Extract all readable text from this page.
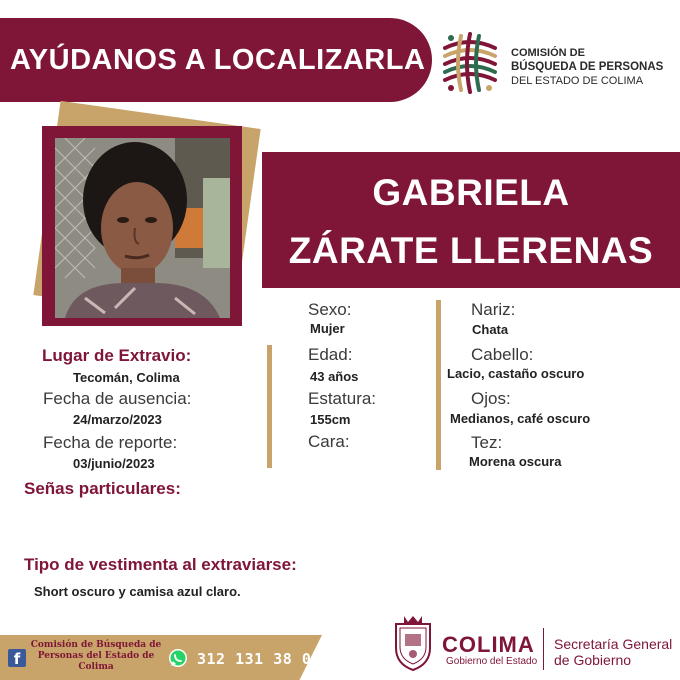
AYÚDANOS A LOCALIZARLA	COMISIÓN DE
BÚSQUEDA DE PERSONAS
DEL ESTADO DE COLIMA
GABRIELA
ZÁRATE LLERENAS
Lugar de Extravio:
Tecomán, Colima
Fecha de ausencia:
24/marzo/2023
Fecha de reporte:
03/junio/2023
Sexo:
Mujer
Edad:
43 años
Estatura:
155cm
Cara:
Nariz:
Chata
Cabello:
Lacio, castaño oscuro
Ojos:
Medianos, café oscuro
Tez:
Morena oscura
Señas particulares:
Tipo de vestimenta al extraviarse:
Short oscuro y camisa azul claro.
f
Comisión de Búsqueda de
Personas del Estado de
Colima	312 131 38 09
COLIMA
Gobierno del Estado
Secretaría General
de Gobierno
